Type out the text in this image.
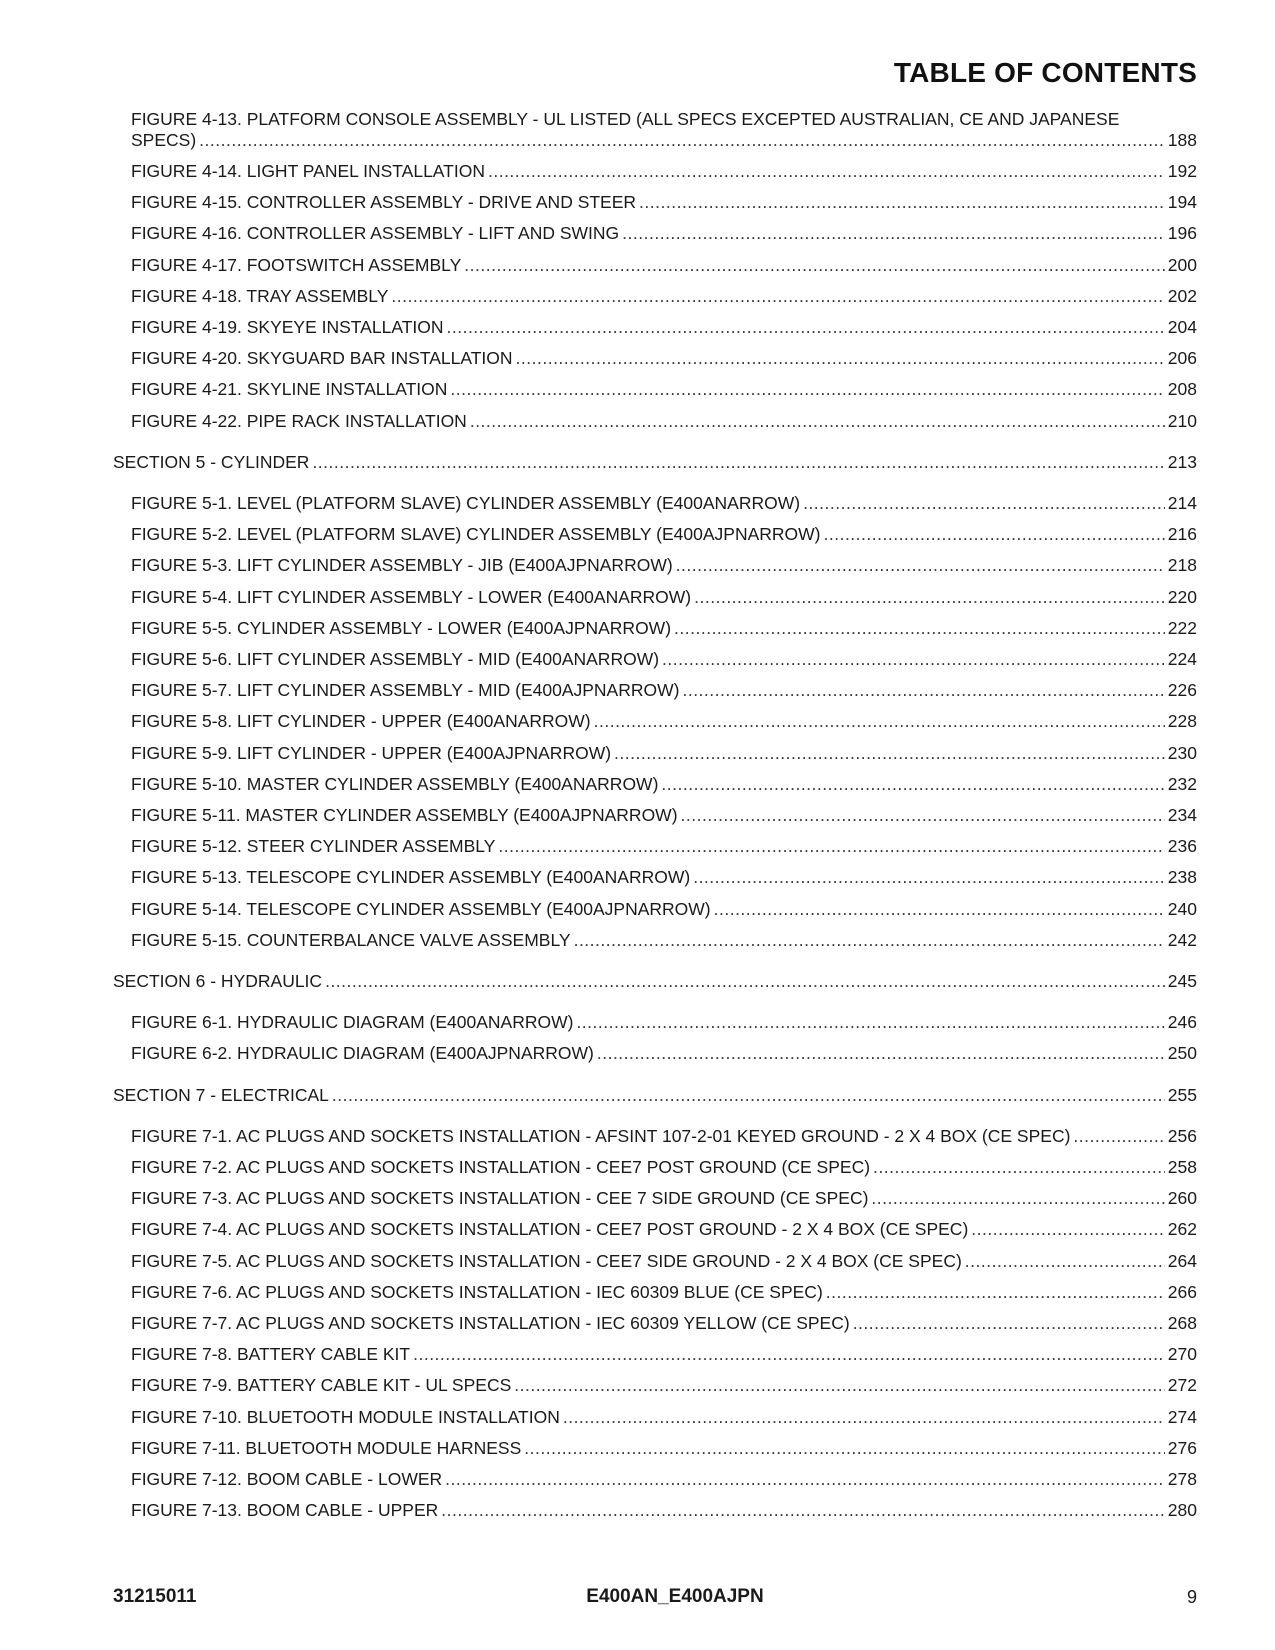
TABLE OF CONTENTS
FIGURE 4-13. PLATFORM CONSOLE ASSEMBLY - UL LISTED (ALL SPECS EXCEPTED AUSTRALIAN, CE AND JAPANESE
SPECS) .....	188
FIGURE 4-14. LIGHT PANEL INSTALLATION .....	192
FIGURE 4-15. CONTROLLER ASSEMBLY - DRIVE AND STEER .....	194
FIGURE 4-16. CONTROLLER ASSEMBLY - LIFT AND SWING .....	196
FIGURE 4-17. FOOTSWITCH ASSEMBLY .....	200
FIGURE 4-18. TRAY ASSEMBLY .....	202
FIGURE 4-19. SKYEYE INSTALLATION .....	204
FIGURE 4-20. SKYGUARD BAR INSTALLATION .....	206
FIGURE 4-21. SKYLINE INSTALLATION .....	208
FIGURE 4-22. PIPE RACK INSTALLATION .....	210
SECTION 5 - CYLINDER .....	213
FIGURE 5-1. LEVEL (PLATFORM SLAVE) CYLINDER ASSEMBLY (E400ANARROW) .....	214
FIGURE 5-2. LEVEL (PLATFORM SLAVE) CYLINDER ASSEMBLY (E400AJPNARROW) .....	216
FIGURE 5-3. LIFT CYLINDER ASSEMBLY - JIB (E400AJPNARROW) .....	218
FIGURE 5-4. LIFT CYLINDER ASSEMBLY - LOWER (E400ANARROW) .....	220
FIGURE 5-5. CYLINDER ASSEMBLY - LOWER (E400AJPNARROW) .....	222
FIGURE 5-6. LIFT CYLINDER ASSEMBLY - MID (E400ANARROW) .....	224
FIGURE 5-7. LIFT CYLINDER ASSEMBLY - MID (E400AJPNARROW) .....	226
FIGURE 5-8. LIFT CYLINDER - UPPER (E400ANARROW) .....	228
FIGURE 5-9. LIFT CYLINDER - UPPER (E400AJPNARROW) .....	230
FIGURE 5-10. MASTER CYLINDER ASSEMBLY (E400ANARROW) .....	232
FIGURE 5-11. MASTER CYLINDER ASSEMBLY (E400AJPNARROW) .....	234
FIGURE 5-12. STEER CYLINDER ASSEMBLY .....	236
FIGURE 5-13. TELESCOPE CYLINDER ASSEMBLY (E400ANARROW) .....	238
FIGURE 5-14. TELESCOPE CYLINDER ASSEMBLY (E400AJPNARROW) .....	240
FIGURE 5-15. COUNTERBALANCE VALVE ASSEMBLY .....	242
SECTION 6 - HYDRAULIC .....	245
FIGURE 6-1. HYDRAULIC DIAGRAM (E400ANARROW) .....	246
FIGURE 6-2. HYDRAULIC DIAGRAM (E400AJPNARROW) .....	250
SECTION 7 - ELECTRICAL .....	255
FIGURE 7-1. AC PLUGS AND SOCKETS INSTALLATION - AFSINT 107-2-01 KEYED GROUND - 2 X 4 BOX (CE SPEC) .....	256
FIGURE 7-2. AC PLUGS AND SOCKETS INSTALLATION - CEE7 POST GROUND (CE SPEC) .....	258
FIGURE 7-3. AC PLUGS AND SOCKETS INSTALLATION - CEE 7 SIDE GROUND (CE SPEC) .....	260
FIGURE 7-4. AC PLUGS AND SOCKETS INSTALLATION - CEE7 POST GROUND - 2 X 4 BOX (CE SPEC) .....	262
FIGURE 7-5. AC PLUGS AND SOCKETS INSTALLATION - CEE7 SIDE GROUND - 2 X 4 BOX (CE SPEC) .....	264
FIGURE 7-6. AC PLUGS AND SOCKETS INSTALLATION - IEC 60309 BLUE (CE SPEC) .....	266
FIGURE 7-7. AC PLUGS AND SOCKETS INSTALLATION - IEC 60309 YELLOW (CE SPEC) .....	268
FIGURE 7-8. BATTERY CABLE KIT .....	270
FIGURE 7-9. BATTERY CABLE KIT - UL SPECS .....	272
FIGURE 7-10. BLUETOOTH MODULE INSTALLATION .....	274
FIGURE 7-11. BLUETOOTH MODULE HARNESS .....	276
FIGURE 7-12. BOOM CABLE - LOWER .....	278
FIGURE 7-13. BOOM CABLE - UPPER .....	280
31215011	E400AN_E400AJPN	9
